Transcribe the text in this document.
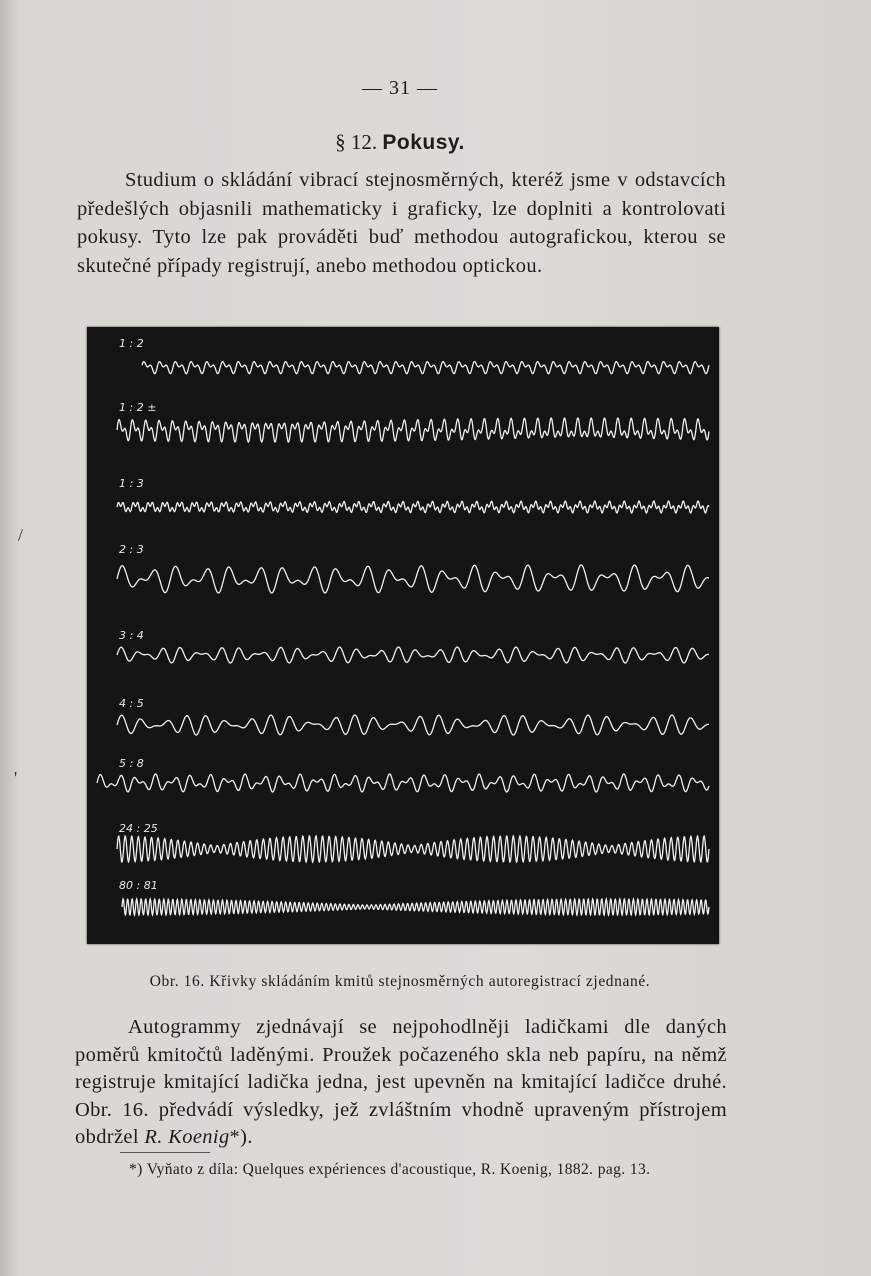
— 31 —
§ 12. Pokusy.
Studium o skládání vibrací stejnosměrných, kteréž jsme v odstavcích předešlých objasnili mathematicky i graficky, lze doplniti a kontrolovati pokusy. Tyto lze pak prováděti buď methodou autografickou, kterou se skutečné případy registrují, anebo methodou optickou.
1 : 2
1 : 2 ±
1 : 3
2 : 3
3 : 4
4 : 5
5 : 8
24 : 25
80 : 81
Obr. 16. Křivky skládáním kmitů stejnosměrných autoregistrací zjednané.
Autogrammy zjednávají se nejpohodlněji ladičkami dle daných poměrů kmitočtů laděnými. Proužek počazeného skla neb papíru, na němž registruje kmitající ladička jedna, jest upevněn na kmitající ladičce druhé. Obr. 16. předvádí výsledky, jež zvláštním vhodně upraveným přístrojem obdržel R. Koenig*).
*) Vyňato z díla: Quelques expériences d'acoustique, R. Koenig, 1882. pag. 13.
/
'
